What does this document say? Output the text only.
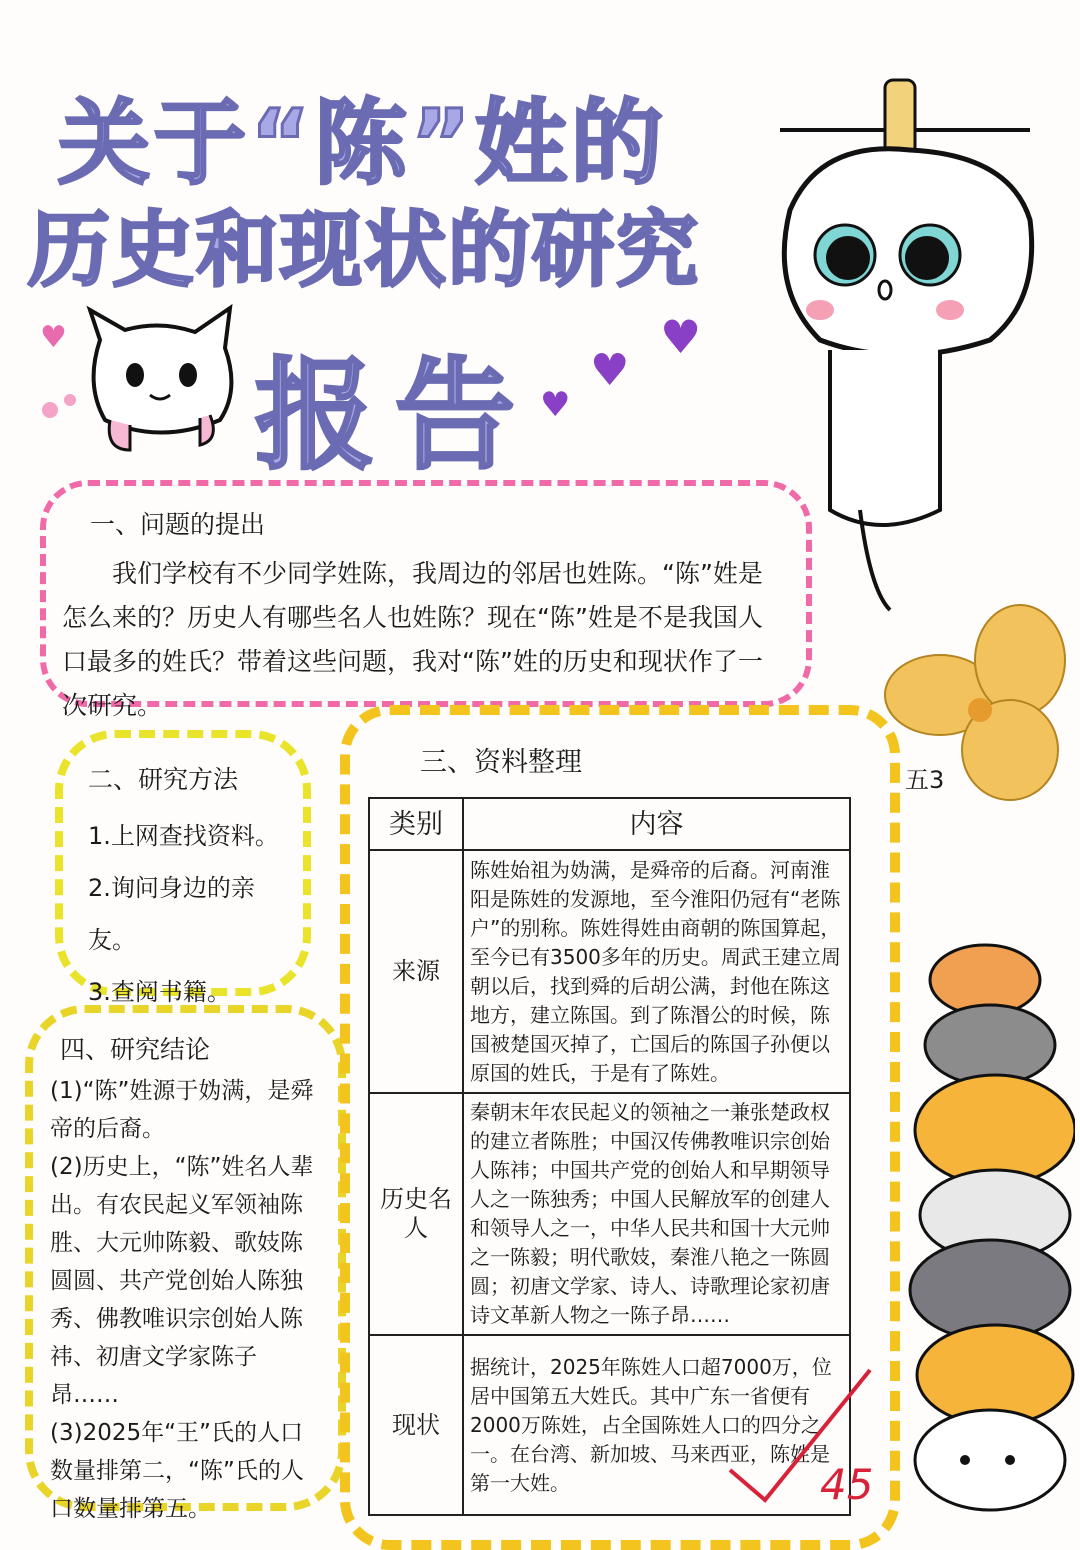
关于“陈”姓的
历史和现状的研究
报告
♥
♥
♥
♥
五3
一、问题的提出
我们学校有不少同学姓陈，我周边的邻居也姓陈。“陈”姓是怎么来的？历史人有哪些名人也姓陈？现在“陈”姓是不是我国人口最多的姓氏？带着这些问题，我对“陈”姓的历史和现状作了一次研究。
二、研究方法
1.上网查找资料。
2.询问身边的亲友。
3.查阅书籍。
四、研究结论
(1)“陈”姓源于妫满，是舜帝的后裔。
(2)历史上，“陈”姓名人辈出。有农民起义军领袖陈胜、大元帅陈毅、歌妓陈圆圆、共产党创始人陈独秀、佛教唯识宗创始人陈祎、初唐文学家陈子昂……
(3)2025年“王”氏的人口数量排第二，“陈”氏的人口数量排第五。
三、资料整理
类别	内容
来源	陈姓始祖为妫满，是舜帝的后裔。河南淮阳是陈姓的发源地，至今淮阳仍冠有“老陈户”的别称。陈姓得姓由商朝的陈国算起，至今已有3500多年的历史。周武王建立周朝以后，找到舜的后胡公满，封他在陈这地方，建立陈国。到了陈湣公的时候，陈国被楚国灭掉了，亡国后的陈国子孙便以原国的姓氏，于是有了陈姓。
历史名人	秦朝末年农民起义的领袖之一兼张楚政权的建立者陈胜；中国汉传佛教唯识宗创始人陈祎；中国共产党的创始人和早期领导人之一陈独秀；中国人民解放军的创建人和领导人之一，中华人民共和国十大元帅之一陈毅；明代歌妓，秦淮八艳之一陈圆圆；初唐文学家、诗人、诗歌理论家初唐诗文革新人物之一陈子昂……
现状	据统计，2025年陈姓人口超7000万，位居中国第五大姓氏。其中广东一省便有2000万陈姓，占全国陈姓人口的四分之一。在台湾、新加坡、马来西亚，陈姓是第一大姓。	45
